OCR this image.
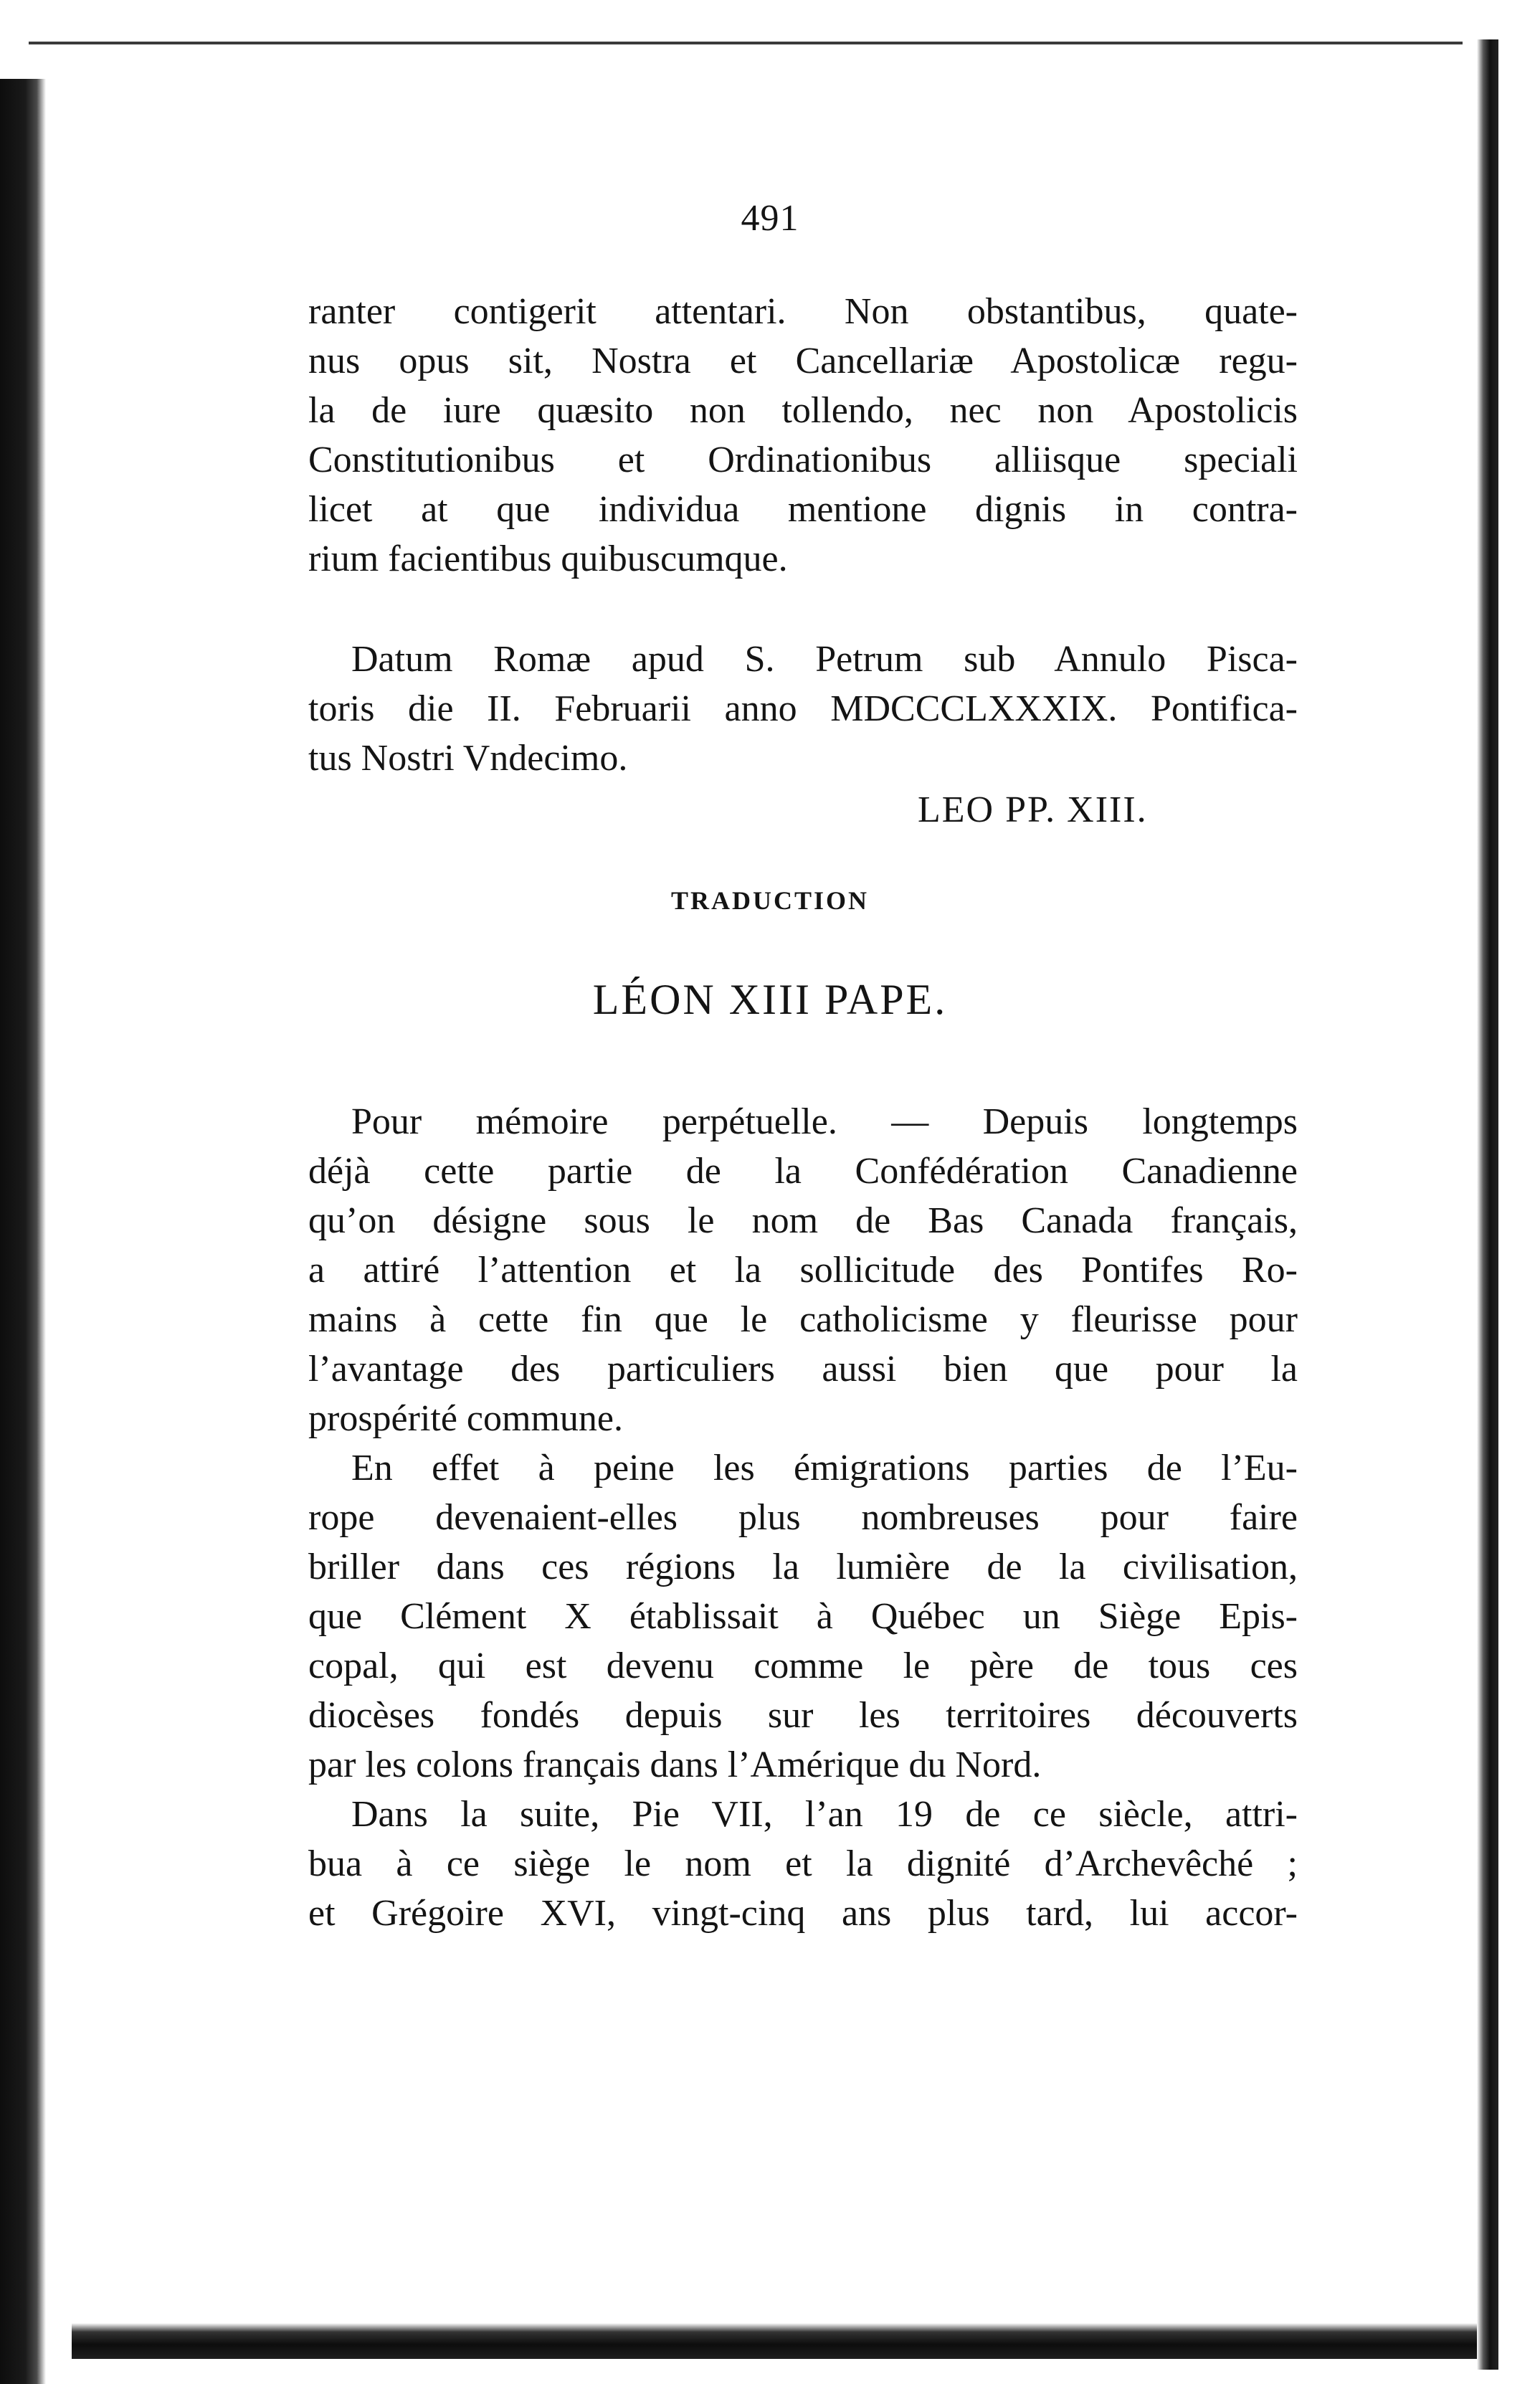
491
ranter contigerit attentari. Non obstantibus, quate-
nus opus sit, Nostra et Cancellariæ Apostolicæ regu-
la de iure quæsito non tollendo, nec non Apostolicis
Constitutionibus et Ordinationibus alliisque speciali
licet at que individua mentione dignis in contra-
rium facientibus quibuscumque.
Datum Romæ apud S. Petrum sub Annulo Pisca-
toris die II. Februarii anno MDCCCLXXXIX. Pontifica-
tus Nostri Vndecimo.
LEO PP. XIII.
TRADUCTION
LÉON XIII PAPE.
Pour mémoire perpétuelle. — Depuis longtemps
déjà cette partie de la Confédération Canadienne
qu’on désigne sous le nom de Bas Canada français,
a attiré l’attention et la sollicitude des Pontifes Ro-
mains à cette fin que le catholicisme y fleurisse pour
l’avantage des particuliers aussi bien que pour la
prospérité commune.
En effet à peine les émigrations parties de l’Eu-
rope devenaient-elles plus nombreuses pour faire
briller dans ces régions la lumière de la civilisation,
que Clément X établissait à Québec un Siège Epis-
copal, qui est devenu comme le père de tous ces
diocèses fondés depuis sur les territoires découverts
par les colons français dans l’Amérique du Nord.
Dans la suite, Pie VII, l’an 19 de ce siècle, attri-
bua à ce siège le nom et la dignité d’Archevêché ;
et Grégoire XVI, vingt-cinq ans plus tard, lui accor-
